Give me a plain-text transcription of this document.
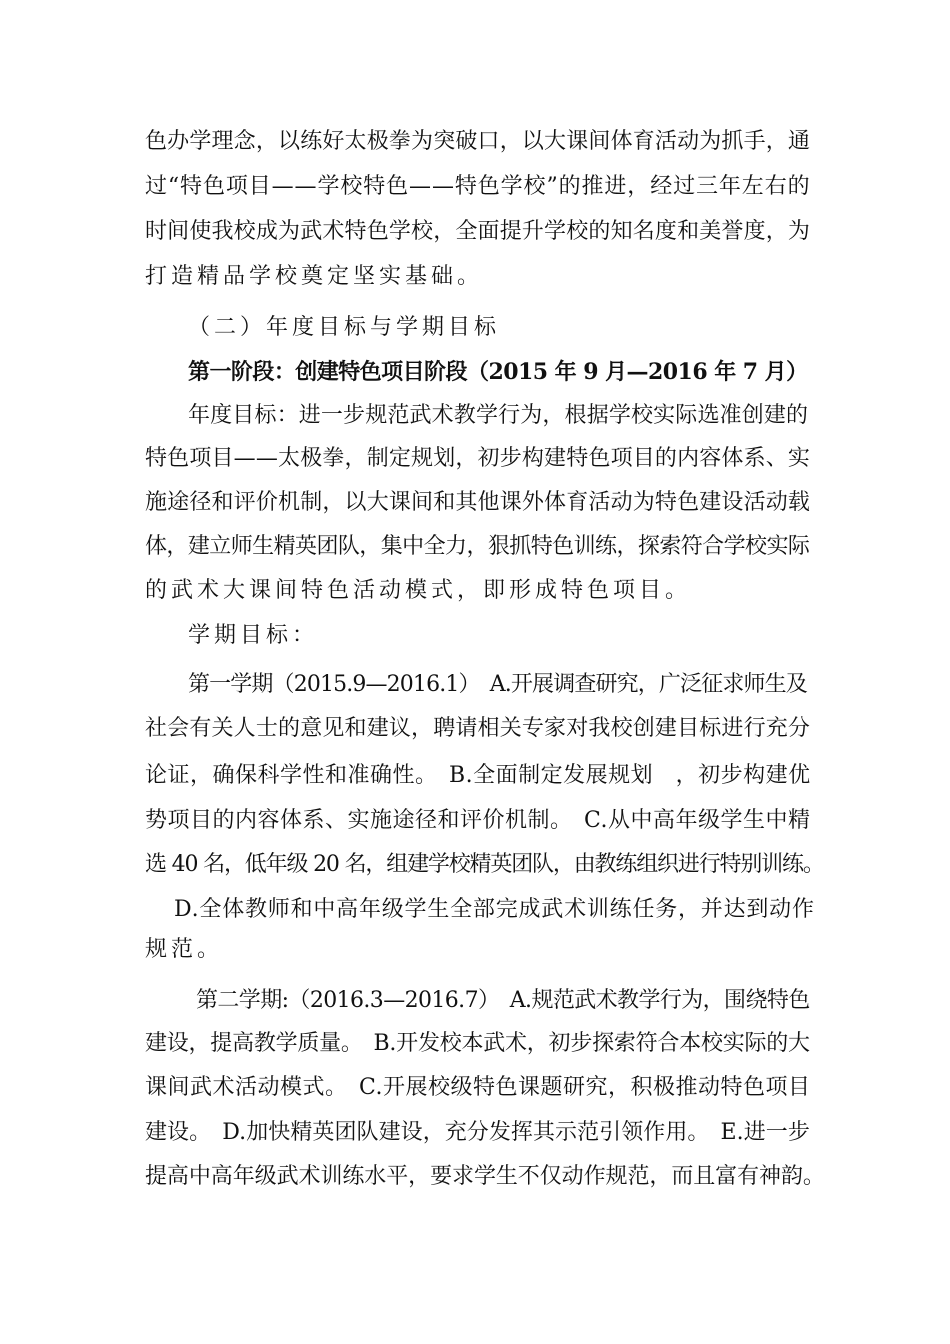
色办学理念，以练好太极拳为突破口，以大课间体育活动为抓手，通
过“特色项目——学校特色——特色学校”的推进，经过三年左右的
时间使我校成为武术特色学校，全面提升学校的知名度和美誉度，为
打造精品学校奠定坚实基础。
（二）年度目标与学期目标
第一阶段：创建特色项目阶段（2015 年 9 月—2016 年 7 月）
年度目标：进一步规范武术教学行为，根据学校实际选准创建的
特色项目——太极拳，制定规划，初步构建特色项目的内容体系、实
施途径和评价机制，以大课间和其他课外体育活动为特色建设活动载
体，建立师生精英团队，集中全力，狠抓特色训练，探索符合学校实际
的武术大课间特色活动模式，即形成特色项目。
学期目标：
第一学期（2015.9—2016.1）　A.开展调查研究，广泛征求师生及
社会有关人士的意见和建议，聘请相关专家对我校创建目标进行充分
论证，确保科学性和准确性。　B.全面制定发展规划　，初步构建优
势项目的内容体系、实施途径和评价机制。　C.从中高年级学生中精
选 40 名，低年级 20 名，组建学校精英团队，由教练组织进行特别训练。
D.全体教师和中高年级学生全部完成武术训练任务，并达到动作
规范。
第二学期:（2016.3—2016.7）　A.规范武术教学行为，围绕特色
建设，提高教学质量。　B.开发校本武术，初步探索符合本校实际的大
课间武术活动模式。　C.开展校级特色课题研究，积极推动特色项目
建设。　D.加快精英团队建设，充分发挥其示范引领作用。　E.进一步
提高中高年级武术训练水平，要求学生不仅动作规范，而且富有神韵。
